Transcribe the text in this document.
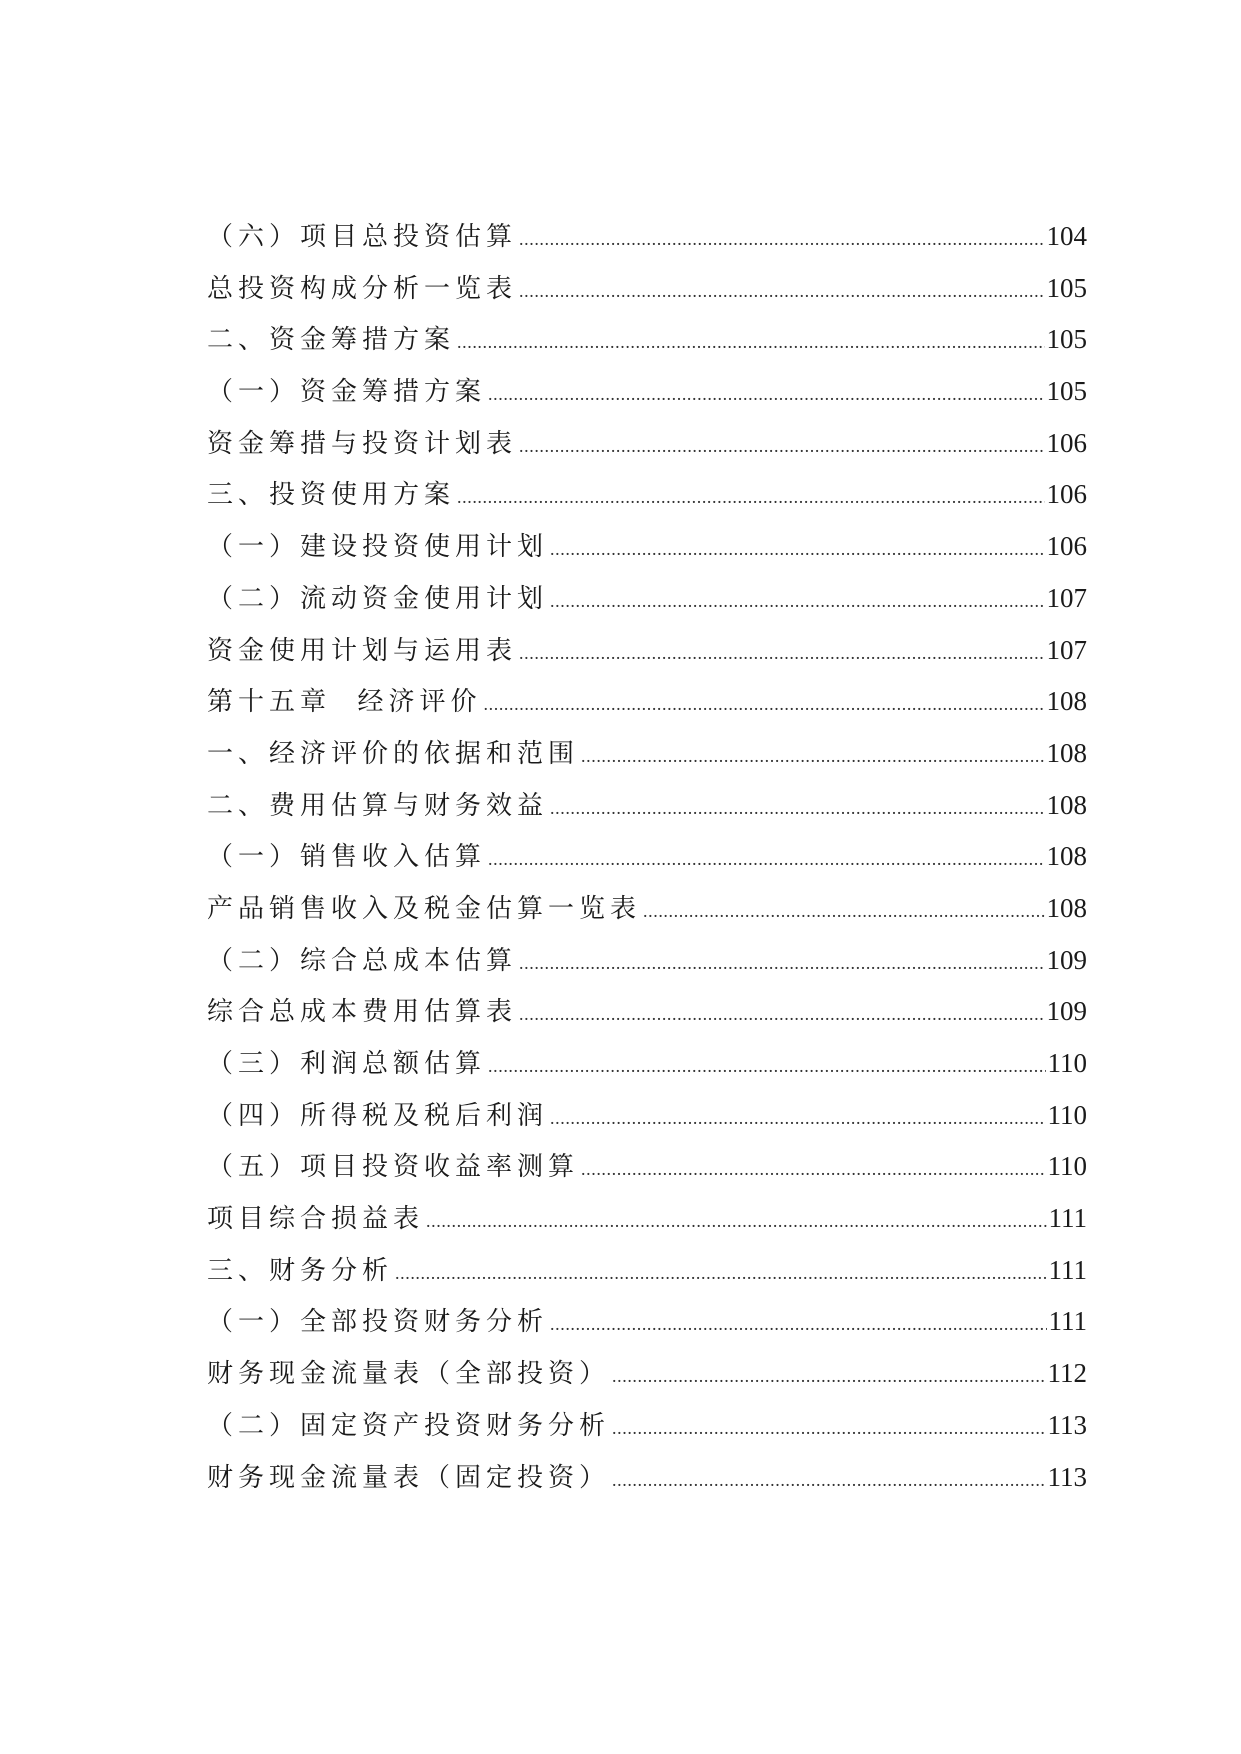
（六）项目总投资估算 .....	104
总投资构成分析一览表 .....	105
二、资金筹措方案 .....	105
（一）资金筹措方案 .....	105
资金筹措与投资计划表 .....	106
三、投资使用方案 .....	106
（一）建设投资使用计划 .....	106
（二）流动资金使用计划 .....	107
资金使用计划与运用表 .....	107
第十五章  经济评价 .....	108
一、经济评价的依据和范围 .....	108
二、费用估算与财务效益 .....	108
（一）销售收入估算 .....	108
产品销售收入及税金估算一览表 .....	108
（二）综合总成本估算 .....	109
综合总成本费用估算表 .....	109
（三）利润总额估算 .....	110
（四）所得税及税后利润 .....	110
（五）项目投资收益率测算 .....	110
项目综合损益表 .....	111
三、财务分析 .....	111
（一）全部投资财务分析 .....	111
财务现金流量表（全部投资） .....	112
（二）固定资产投资财务分析 .....	113
财务现金流量表（固定投资） .....	113
